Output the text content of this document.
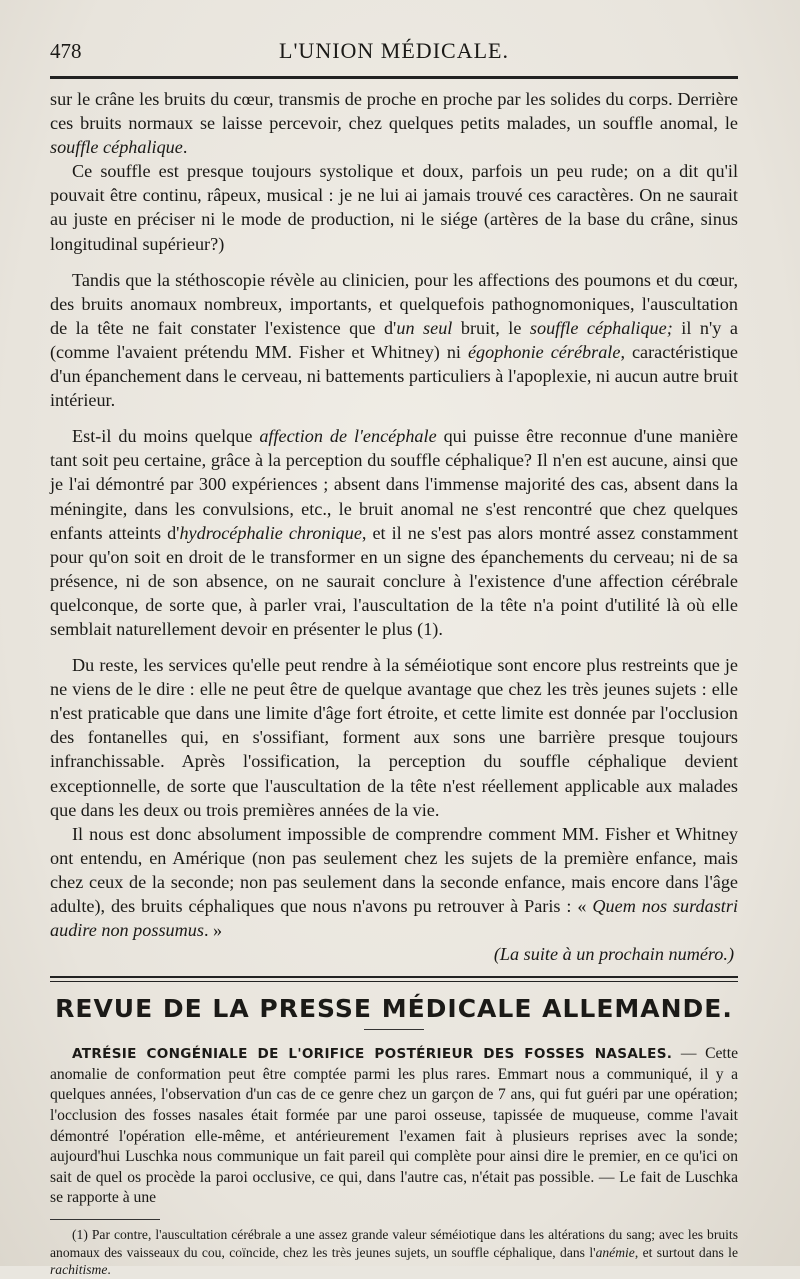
478	L'UNION MÉDICALE.

sur le crâne les bruits du cœur, transmis de proche en proche par les solides du corps. Derrière ces bruits normaux se laisse percevoir, chez quelques petits malades, un souffle anomal, le souffle céphalique.

Ce souffle est presque toujours systolique et doux, parfois un peu rude; on a dit qu'il pouvait être continu, râpeux, musical : je ne lui ai jamais trouvé ces caractères. On ne saurait au juste en préciser ni le mode de production, ni le siége (artères de la base du crâne, sinus longitudinal supérieur?)

Tandis que la stéthoscopie révèle au clinicien, pour les affections des poumons et du cœur, des bruits anomaux nombreux, importants, et quelquefois pathognomoniques, l'auscultation de la tête ne fait constater l'existence que d'un seul bruit, le souffle céphalique; il n'y a (comme l'avaient prétendu MM. Fisher et Whitney) ni égophonie cérébrale, caractéristique d'un épanchement dans le cerveau, ni battements particuliers à l'apoplexie, ni aucun autre bruit intérieur.

Est-il du moins quelque affection de l'encéphale qui puisse être reconnue d'une manière tant soit peu certaine, grâce à la perception du souffle céphalique? Il n'en est aucune, ainsi que je l'ai démontré par 300 expériences ; absent dans l'immense majorité des cas, absent dans la méningite, dans les convulsions, etc., le bruit anomal ne s'est rencontré que chez quelques enfants atteints d'hydrocéphalie chronique, et il ne s'est pas alors montré assez constamment pour qu'on soit en droit de le transformer en un signe des épanchements du cerveau; ni de sa présence, ni de son absence, on ne saurait conclure à l'existence d'une affection cérébrale quelconque, de sorte que, à parler vrai, l'auscultation de la tête n'a point d'utilité là où elle semblait naturellement devoir en présenter le plus (1).

Du reste, les services qu'elle peut rendre à la séméiotique sont encore plus restreints que je ne viens de le dire : elle ne peut être de quelque avantage que chez les très jeunes sujets : elle n'est praticable que dans une limite d'âge fort étroite, et cette limite est donnée par l'occlusion des fontanelles qui, en s'ossifiant, forment aux sons une barrière presque toujours infranchissable. Après l'ossification, la perception du souffle céphalique devient exceptionnelle, de sorte que l'auscultation de la tête n'est réellement applicable aux malades que dans les deux ou trois premières années de la vie.

Il nous est donc absolument impossible de comprendre comment MM. Fisher et Whitney ont entendu, en Amérique (non pas seulement chez les sujets de la première enfance, mais chez ceux de la seconde; non pas seulement dans la seconde enfance, mais encore dans l'âge adulte), des bruits céphaliques que nous n'avons pu retrouver à Paris : « Quem nos surdastri audire non possumus. »

(La suite à un prochain numéro.)

REVUE DE LA PRESSE MÉDICALE ALLEMANDE.

ATRÉSIE CONGÉNIALE DE L'ORIFICE POSTÉRIEUR DES FOSSES NASALES. — Cette anomalie de conformation peut être comptée parmi les plus rares. Emmart nous a communiqué, il y a quelques années, l'observation d'un cas de ce genre chez un garçon de 7 ans, qui fut guéri par une opération; l'occlusion des fosses nasales était formée par une paroi osseuse, tapissée de muqueuse, comme l'avait démontré l'opération elle-même, et antérieurement l'examen fait à plusieurs reprises avec la sonde; aujourd'hui Luschka nous communique un fait pareil qui complète pour ainsi dire le premier, en ce qu'ici on sait de quel os procède la paroi occlusive, ce qui, dans l'autre cas, n'était pas possible. — Le fait de Luschka se rapporte à une

(1) Par contre, l'auscultation cérébrale a une assez grande valeur séméiotique dans les altérations du sang; avec les bruits anomaux des vaisseaux du cou, coïncide, chez les très jeunes sujets, un souffle céphalique, dans l'anémie, et surtout dans le rachitisme.
